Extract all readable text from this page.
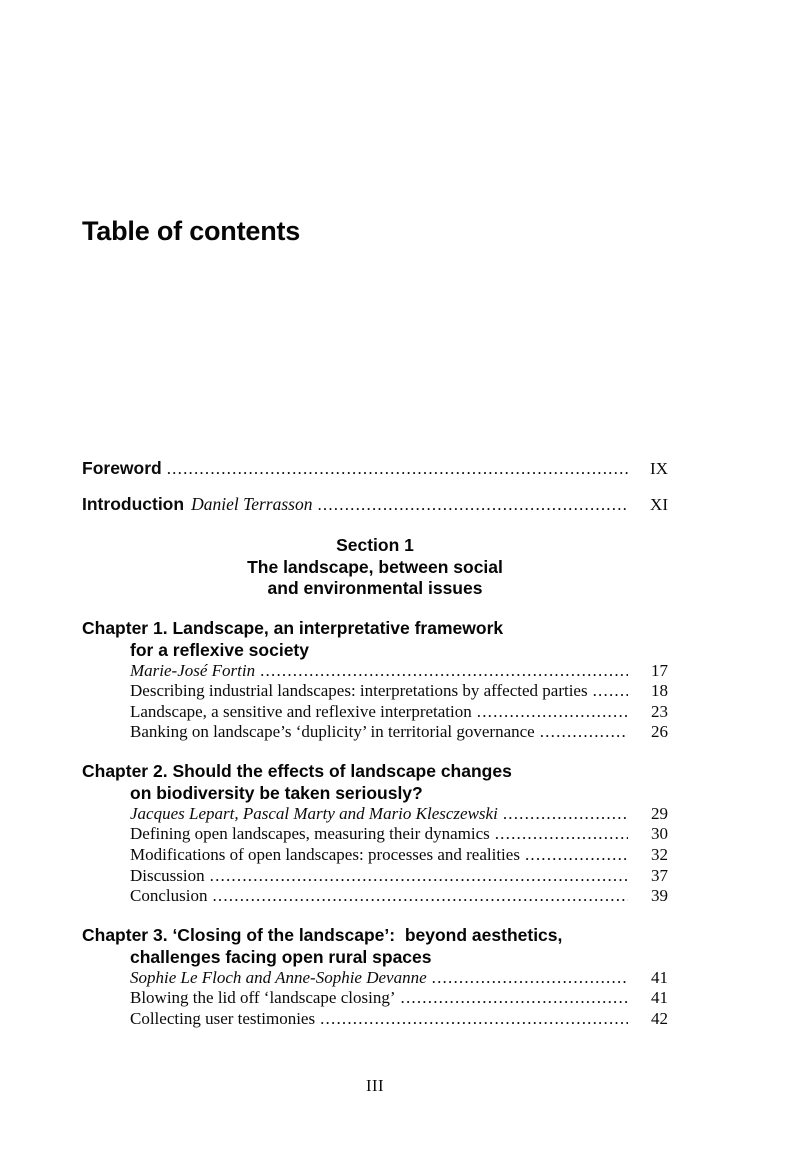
Table of contents
Foreword .....	IX
Introduction Daniel Terrasson .....	XI
Section 1
The landscape, between social
and environmental issues
Chapter 1. Landscape, an interpretative framework
for a reflexive society
Marie-José Fortin .....	17
Describing industrial landscapes: interpretations by affected parties .....	18
Landscape, a sensitive and reflexive interpretation .....	23
Banking on landscape’s ‘duplicity’ in territorial governance .....	26
Chapter 2. Should the effects of landscape changes
on biodiversity be taken seriously?
Jacques Lepart, Pascal Marty and Mario Klesczewski .....	29
Defining open landscapes, measuring their dynamics .....	30
Modifications of open landscapes: processes and realities .....	32
Discussion .....	37
Conclusion .....	39
Chapter 3. ‘Closing of the landscape’:  beyond aesthetics,
challenges facing open rural spaces
Sophie Le Floch and Anne-Sophie Devanne .....	41
Blowing the lid off ‘landscape closing’ .....	41
Collecting user testimonies .....	42
III
